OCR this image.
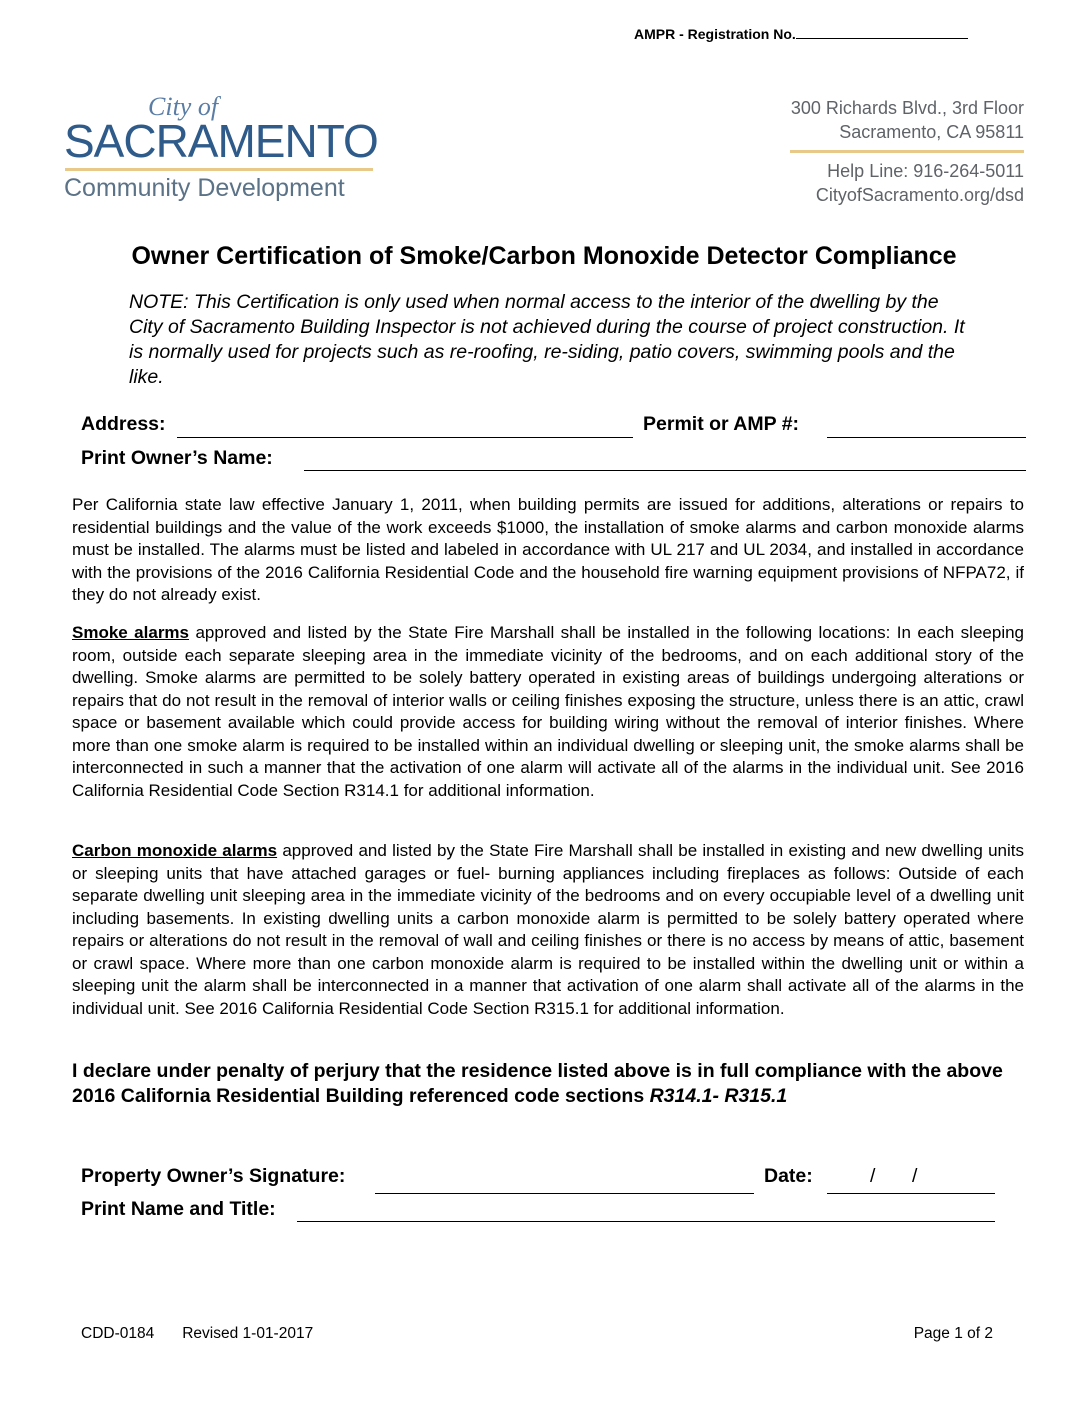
AMPR - Registration No.
City of
SACRAMENTO
Community Development
300 Richards Blvd., 3rd Floor
Sacramento, CA 95811
Help Line: 916-264-5011
CityofSacramento.org/dsd
Owner Certification of Smoke/Carbon Monoxide Detector Compliance
NOTE: This Certification is only used when normal access to the interior of the dwelling by the City of Sacramento Building Inspector is not achieved during the course of project construction. It is normally used for projects such as re-roofing, re-siding, patio covers, swimming pools and the like.
Address:	Permit or AMP #:
Print Owner’s Name:
Per California state law effective January 1, 2011, when building permits are issued for additions, alterations or repairs to residential buildings and the value of the work exceeds $1000, the installation of smoke alarms and carbon monoxide alarms must be installed. The alarms must be listed and labeled in accordance with UL 217 and UL 2034, and installed in accordance with the provisions of the 2016 California Residential Code and the household fire warning equipment provisions of NFPA72, if they do not already exist.
Smoke alarms approved and listed by the State Fire Marshall shall be installed in the following locations: In each sleeping room, outside each separate sleeping area in the immediate vicinity of the bedrooms, and on each additional story of the dwelling. Smoke alarms are permitted to be solely battery operated in existing areas of buildings undergoing alterations or repairs that do not result in the removal of interior walls or ceiling finishes exposing the structure, unless there is an attic, crawl space or basement available which could provide access for building wiring without the removal of interior finishes. Where more than one smoke alarm is required to be installed within an individual dwelling or sleeping unit, the smoke alarms shall be interconnected in such a manner that the activation of one alarm will activate all of the alarms in the individual unit. See 2016 California Residential Code Section R314.1 for additional information.
Carbon monoxide alarms approved and listed by the State Fire Marshall shall be installed in existing and new dwelling units or sleeping units that have attached garages or fuel- burning appliances including fireplaces as follows: Outside of each separate dwelling unit sleeping area in the immediate vicinity of the bedrooms and on every occupiable level of a dwelling unit including basements. In existing dwelling units a carbon monoxide alarm is permitted to be solely battery operated where repairs or alterations do not result in the removal of wall and ceiling finishes or there is no access by means of attic, basement or crawl space. Where more than one carbon monoxide alarm is required to be installed within the dwelling unit or within a sleeping unit the alarm shall be interconnected in a manner that activation of one alarm shall activate all of the alarms in the individual unit. See 2016 California Residential Code Section R315.1 for additional information.
I declare under penalty of perjury that the residence listed above is in full compliance with the above 2016 California Residential Building referenced code sections R314.1- R315.1
Property Owner’s Signature:	Date:	/ /
Print Name and Title:
CDD-0184 Revised 1-01-2017	Page 1 of 2
